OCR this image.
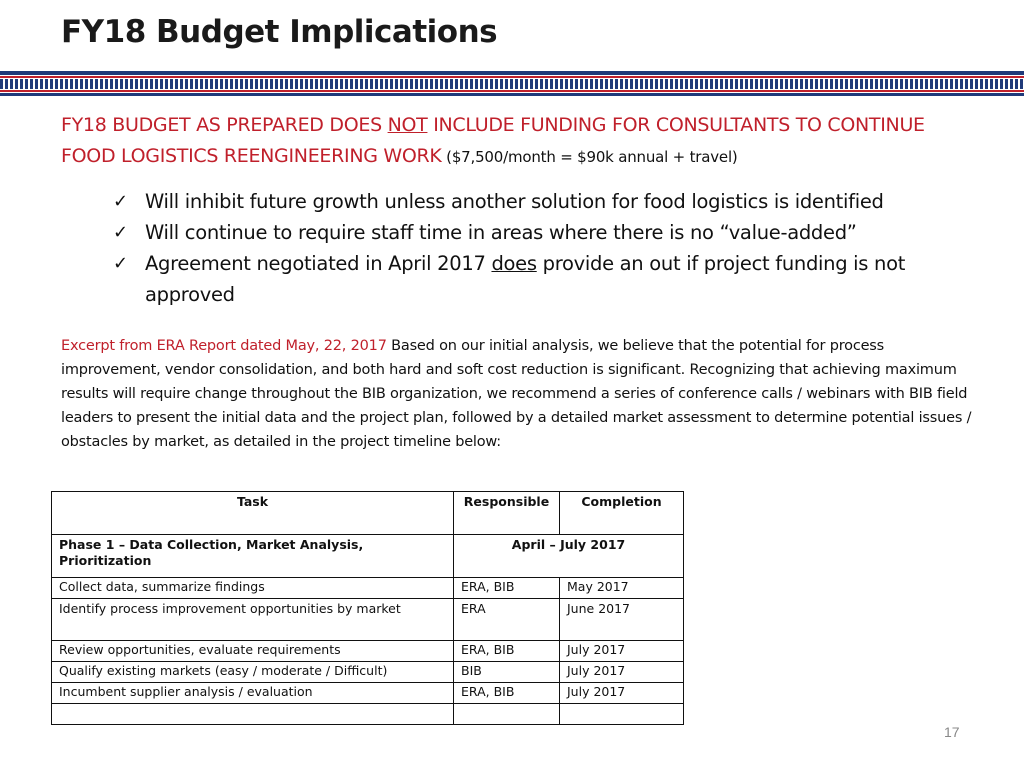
FY18 Budget Implications
FY18 BUDGET AS PREPARED DOES NOT INCLUDE FUNDING FOR CONSULTANTS TO CONTINUE FOOD LOGISTICS REENGINEERING WORK ($7,500/month = $90k annual + travel)
✓ Will inhibit future growth unless another solution for food logistics is identified
✓ Will continue to require staff time in areas where there is no “value-added”
✓ Agreement negotiated in April 2017 does provide an out if project funding is not approved
Excerpt from ERA Report dated May, 22, 2017 Based on our initial analysis, we believe that the potential for process improvement, vendor consolidation, and both hard and soft cost reduction is significant. Recognizing that achieving maximum results will require change throughout the BIB organization, we recommend a series of conference calls / webinars with BIB field leaders to present the initial data and the project plan, followed by a detailed market assessment to determine potential issues / obstacles by market, as detailed in the project timeline below:
Task	Responsible	Completion
Phase 1 – Data Collection, Market Analysis, Prioritization	April – July 2017	
Collect data, summarize findings	ERA, BIB	May 2017
Identify process improvement opportunities by market	ERA	June 2017
Review opportunities, evaluate requirements	ERA, BIB	July 2017
Qualify existing markets (easy / moderate / Difficult)	BIB	July 2017
Incumbent supplier analysis / evaluation	ERA, BIB	July 2017

17
